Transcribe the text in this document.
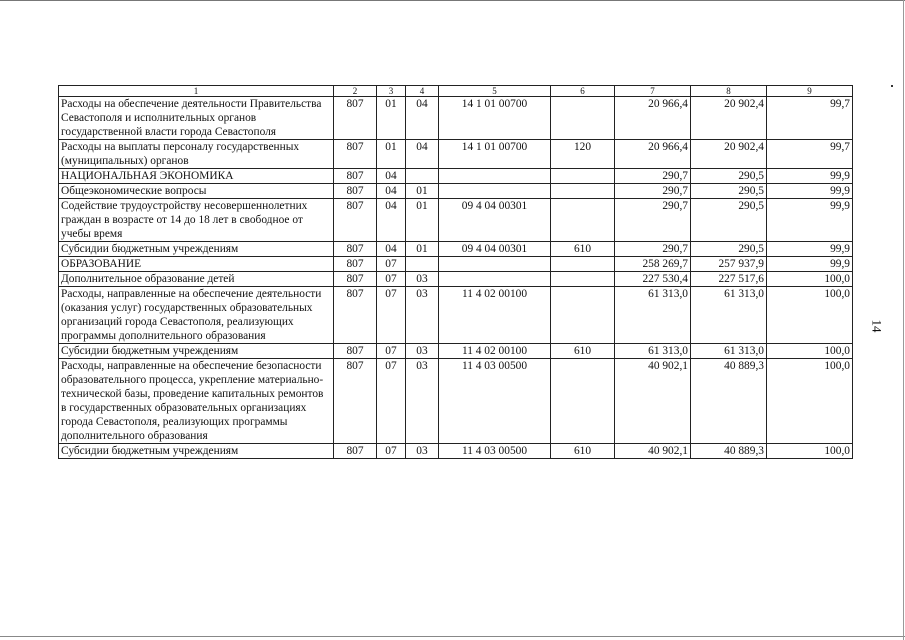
14
1	2	3	4	5	6	7	8	9
Расходы на обеспечение деятельности Правительства Севастополя и исполнительных органов государственной власти города Севастополя	807	01	04	14 1 01 00700		20 966,4	20 902,4	99,7
Расходы на выплаты персоналу государственных (муниципальных) органов	807	01	04	14 1 01 00700	120	20 966,4	20 902,4	99,7
НАЦИОНАЛЬНАЯ ЭКОНОМИКА	807	04				290,7	290,5	99,9
Общеэкономические вопросы	807	04	01			290,7	290,5	99,9
Содействие трудоустройству несовершеннолетних граждан в возрасте от 14 до 18 лет в свободное от учебы время	807	04	01	09 4 04 00301		290,7	290,5	99,9
Субсидии бюджетным учреждениям	807	04	01	09 4 04 00301	610	290,7	290,5	99,9
ОБРАЗОВАНИЕ	807	07				258 269,7	257 937,9	99,9
Дополнительное образование детей	807	07	03			227 530,4	227 517,6	100,0
Расходы, направленные на обеспечение деятельности (оказания услуг) государственных образовательных организаций города Севастополя, реализующих программы дополнительного образования	807	07	03	11 4 02 00100		61 313,0	61 313,0	100,0
Субсидии бюджетным учреждениям	807	07	03	11 4 02 00100	610	61 313,0	61 313,0	100,0
Расходы, направленные на обеспечение безопасности образовательного процесса, укрепление материально-технической базы, проведение капитальных ремонтов в государственных образовательных организациях города Севастополя, реализующих программы дополнительного образования	807	07	03	11 4 03 00500		40 902,1	40 889,3	100,0
Субсидии бюджетным учреждениям	807	07	03	11 4 03 00500	610	40 902,1	40 889,3	100,0
